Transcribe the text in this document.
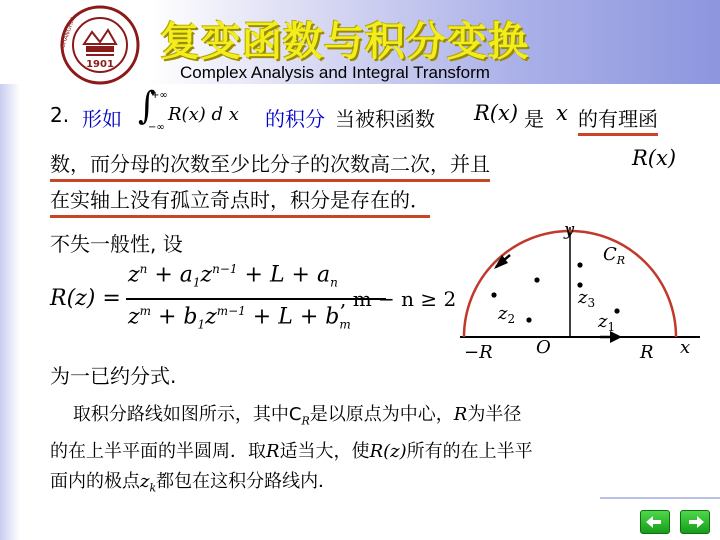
1901
SHANGHAI 复变函数与积分变换
Complex Analysis and Integral Transform
2. 形如 ∫
+∞
−∞
R(x) d x 的积分 当被积函数 R(x) 是 x 的有理函
数，而分母的次数至少比分子的次数高二次，并且	R(x)
在实轴上没有孤立奇点时，积分是存在的．
不失一般性, 设
R(z) =
$z^n + a_1z^{n-1} + L + a_n$
$z^m + b_1z^{m-1} + L + b_m$
, m − n ≥ 2
为一已约分式.
y
x
O
−R	R
$C_R$
$z_2$
$z_3$
$z_1$
取积分路线如图所示，其中$C_R$是以原点为中心，R为半径
的在上半平面的半圆周．取R适当大，使R(z)所有的在上半平
面内的极点$z_k$都包在这积分路线内．
